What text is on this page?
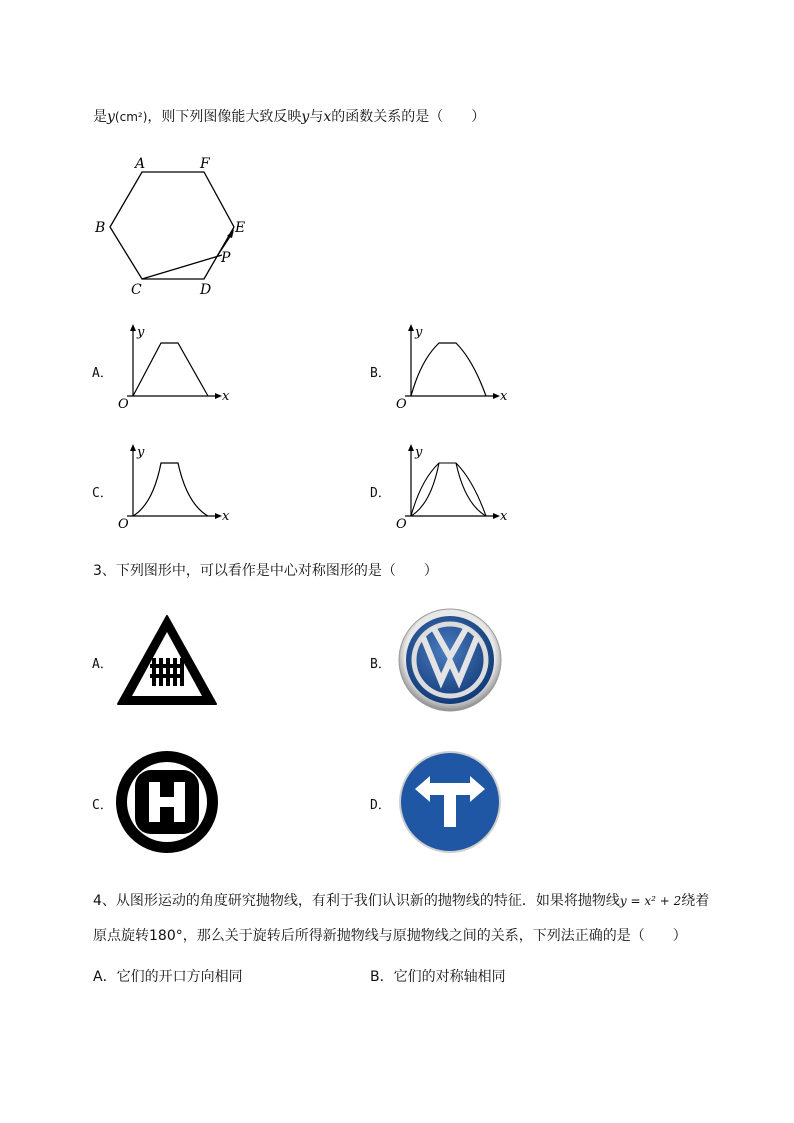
是y(cm²)，则下列图像能大致反映y与x的函数关系的是（　　）
A	F
B	E
P
C	D
A．
y
x
O
B．
y
x
O
C．
y
x
O
D．
y
x
O
3、下列图形中，可以看作是中心对称图形的是（　　）
A．	B．
C．	D．
4、从图形运动的角度研究抛物线，有利于我们认识新的抛物线的特征．如果将抛物线y = x² + 2绕着
原点旋转180°，那么关于旋转后所得新抛物线与原抛物线之间的关系，下列法正确的是（　　）
A．它们的开口方向相同	B．它们的对称轴相同
